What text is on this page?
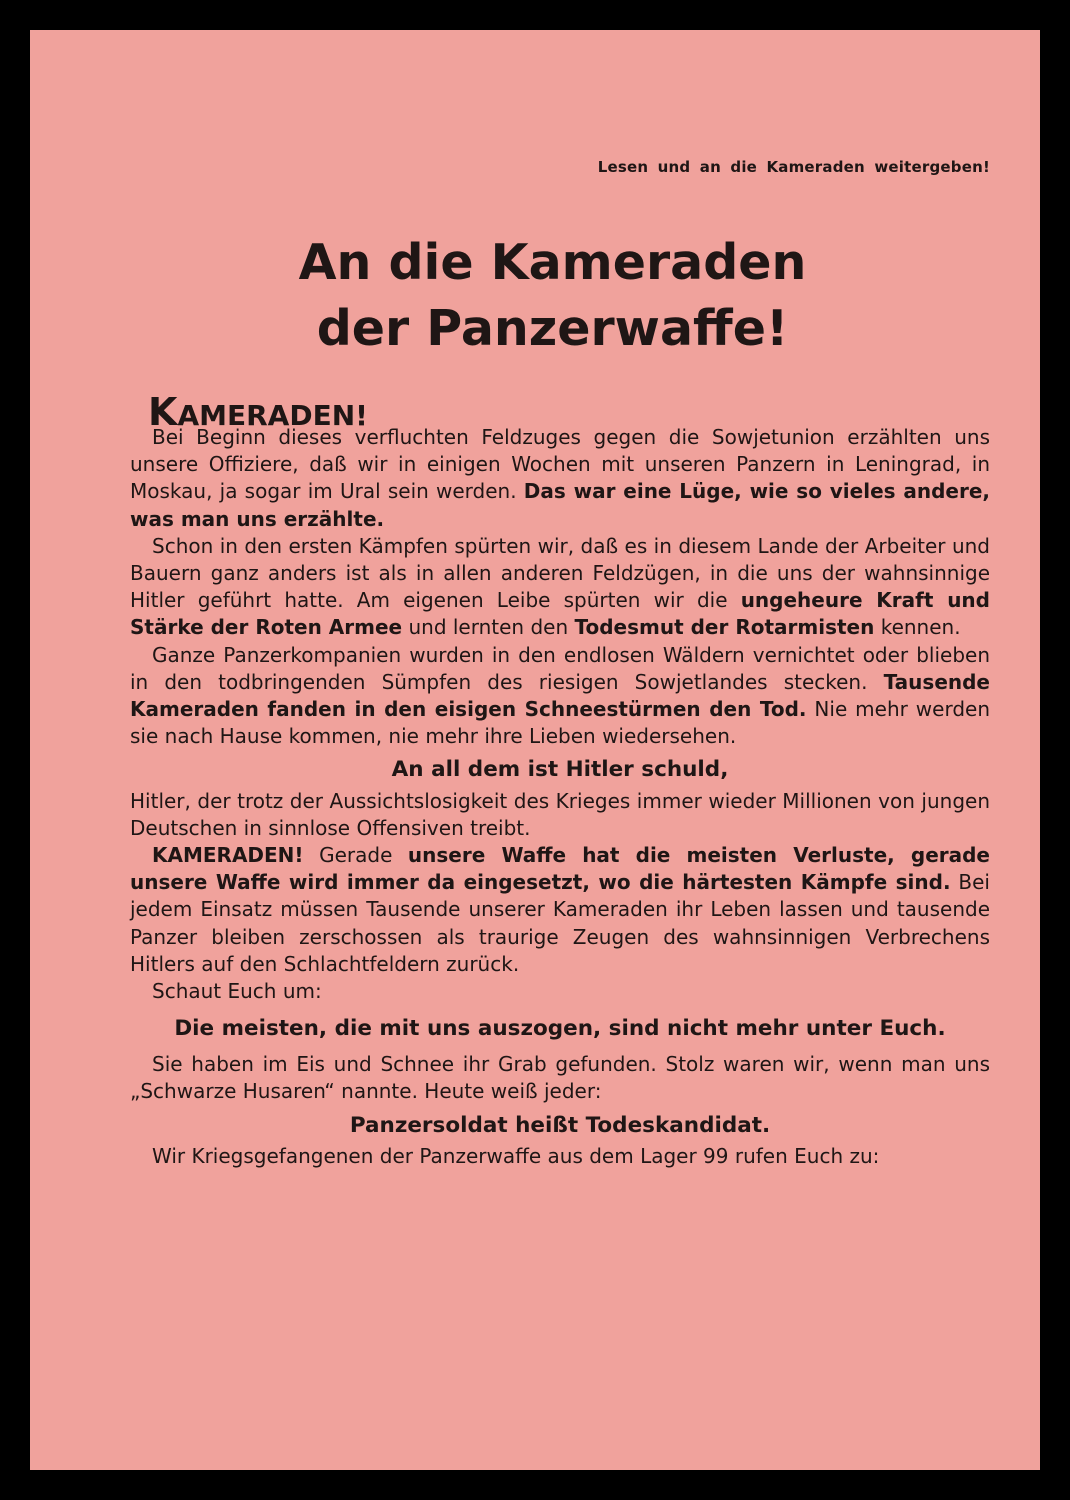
Lesen und an die Kameraden weitergeben!
An die Kameraden
der Panzerwaffe!
KAMERADEN!

Bei Beginn dieses verfluchten Feldzuges gegen die Sowjetunion erzählten uns unsere Offiziere, daß wir in einigen Wochen mit unseren Panzern in Leningrad, in Moskau, ja sogar im Ural sein werden. Das war eine Lüge, wie so vieles andere, was man uns erzählte.

Schon in den ersten Kämpfen spürten wir, daß es in diesem Lande der Arbeiter und Bauern ganz anders ist als in allen anderen Feldzügen, in die uns der wahnsinnige Hitler geführt hatte. Am eigenen Leibe spürten wir die ungeheure Kraft und Stärke der Roten Armee und lernten den Todesmut der Rotarmisten kennen.

Ganze Panzerkompanien wurden in den endlosen Wäldern vernichtet oder blieben in den todbringenden Sümpfen des riesigen Sowjetlandes stecken. Tausende Kameraden fanden in den eisigen Schneestürmen den Tod. Nie mehr werden sie nach Hause kommen, nie mehr ihre Lieben wiedersehen.

An all dem ist Hitler schuld,

Hitler, der trotz der Aussichtslosigkeit des Krieges immer wieder Millionen von jungen Deutschen in sinnlose Offensiven treibt.

KAMERADEN! Gerade unsere Waffe hat die meisten Verluste, gerade unsere Waffe wird immer da eingesetzt, wo die härtesten Kämpfe sind. Bei jedem Einsatz müssen Tausende unserer Kameraden ihr Leben lassen und tausende Panzer bleiben zerschossen als traurige Zeugen des wahnsinnigen Verbrechens Hitlers auf den Schlachtfeldern zurück.

Schaut Euch um:

Die meisten, die mit uns auszogen, sind nicht mehr unter Euch.

Sie haben im Eis und Schnee ihr Grab gefunden. Stolz waren wir, wenn man uns „Schwarze Husaren“ nannte. Heute weiß jeder:

Panzersoldat heißt Todeskandidat.

Wir Kriegsgefangenen der Panzerwaffe aus dem Lager 99 rufen Euch zu:
